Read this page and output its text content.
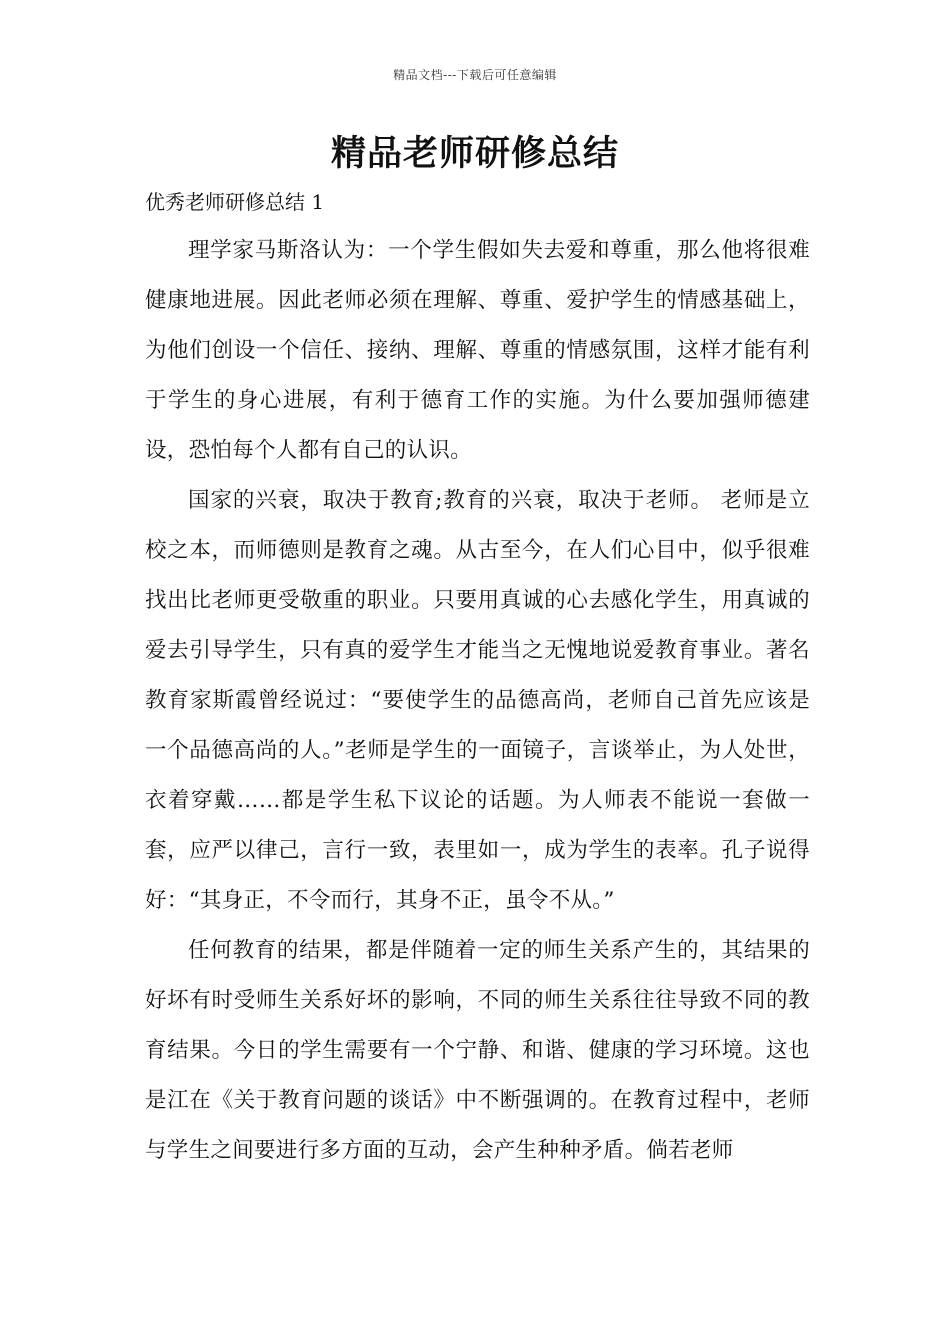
精品文档---下载后可任意编辑
精品老师研修总结

优秀老师研修总结 1

理学家马斯洛认为：一个学生假如失去爱和尊重，那么他将很难健康地进展。因此老师必须在理解、尊重、爱护学生的情感基础上，为他们创设一个信任、接纳、理解、尊重的情感氛围，这样才能有利于学生的身心进展，有利于德育工作的实施。为什么要加强师德建设，恐怕每个人都有自己的认识。

国家的兴衰，取决于教育;教育的兴衰，取决于老师。 老师是立校之本，而师德则是教育之魂。从古至今，在人们心目中，似乎很难找出比老师更受敬重的职业。只要用真诚的心去感化学生，用真诚的爱去引导学生，只有真的爱学生才能当之无愧地说爱教育事业。著名教育家斯霞曾经说过：“要使学生的品德高尚，老师自己首先应该是一个品德高尚的人。”老师是学生的一面镜子，言谈举止，为人处世，衣着穿戴……都是学生私下议论的话题。为人师表不能说一套做一套，应严以律己，言行一致，表里如一，成为学生的表率。孔子说得好：“其身正，不令而行，其身不正，虽令不从。”

任何教育的结果，都是伴随着一定的师生关系产生的，其结果的好坏有时受师生关系好坏的影响，不同的师生关系往往导致不同的教育结果。今日的学生需要有一个宁静、和谐、健康的学习环境。这也是江在《关于教育问题的谈话》中不断强调的。在教育过程中，老师与学生之间要进行多方面的互动，会产生种种矛盾。倘若老师
